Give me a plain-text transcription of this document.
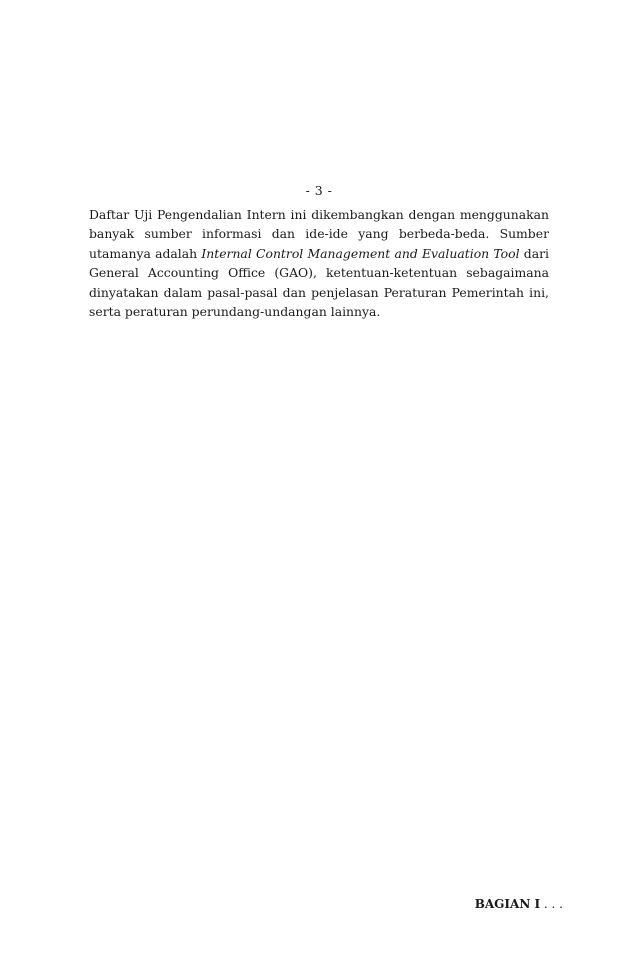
- 3 -

Daftar Uji Pengendalian Intern ini dikembangkan dengan menggunakan banyak sumber informasi dan ide-ide yang berbeda-beda. Sumber utamanya adalah Internal Control Management and Evaluation Tool dari General Accounting Office (GAO), ketentuan-ketentuan sebagaimana dinyatakan dalam pasal-pasal dan penjelasan Peraturan Pemerintah ini, serta peraturan perundang-undangan lainnya.

BAGIAN I . . .
